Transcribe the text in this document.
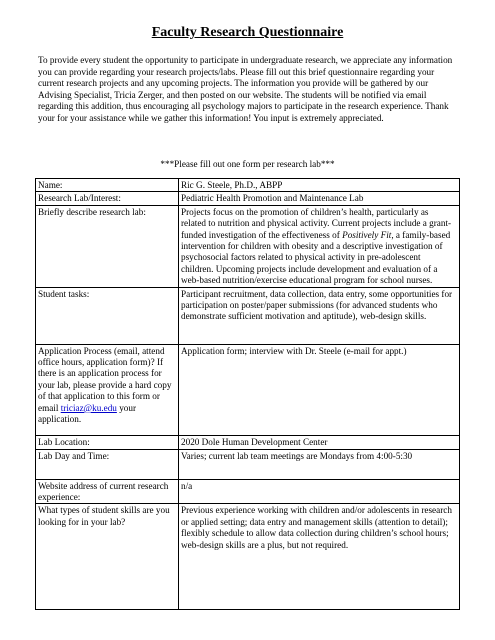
Faculty Research Questionnaire

To provide every student the opportunity to participate in undergraduate research, we appreciate any information you can provide regarding your research projects/labs. Please fill out this brief questionnaire regarding your current research projects and any upcoming projects. The information you provide will be gathered by our Advising Specialist, Tricia Zerger, and then posted on our website. The students will be notified via email regarding this addition, thus encouraging all psychology majors to participate in the research experience. Thank your for your assistance while we gather this information! You input is extremely appreciated.

***Please fill out one form per research lab***
Name:	Ric G. Steele, Ph.D., ABPP
Research Lab/Interest:	Pediatric Health Promotion and Maintenance Lab
Briefly describe research lab:	Projects focus on the promotion of children’s health, particularly as related to nutrition and physical activity. Current projects include a grant-funded investigation of the effectiveness of Positively Fit, a family-based intervention for children with obesity and a descriptive investigation of psychosocial factors related to physical activity in pre-adolescent children. Upcoming projects include development and evaluation of a web-based nutrition/exercise educational program for school nurses.
Student tasks:	Participant recruitment, data collection, data entry, some opportunities for participation on poster/paper submissions (for advanced students who demonstrate sufficient motivation and aptitude), web-design skills.
Application Process (email, attend office hours, application form)? If there is an application process for your lab, please provide a hard copy of that application to this form or email triciaz@ku.edu your application.	Application form; interview with Dr. Steele (e-mail for appt.)
Lab Location:	2020 Dole Human Development Center
Lab Day and Time:	Varies; current lab team meetings are Mondays from 4:00-5:30
Website address of current research experience:	n/a
What types of student skills are you looking for in your lab?	Previous experience working with children and/or adolescents in research or applied setting; data entry and management skills (attention to detail); flexibly schedule to allow data collection during children’s school hours; web-design skills are a plus, but not required.
